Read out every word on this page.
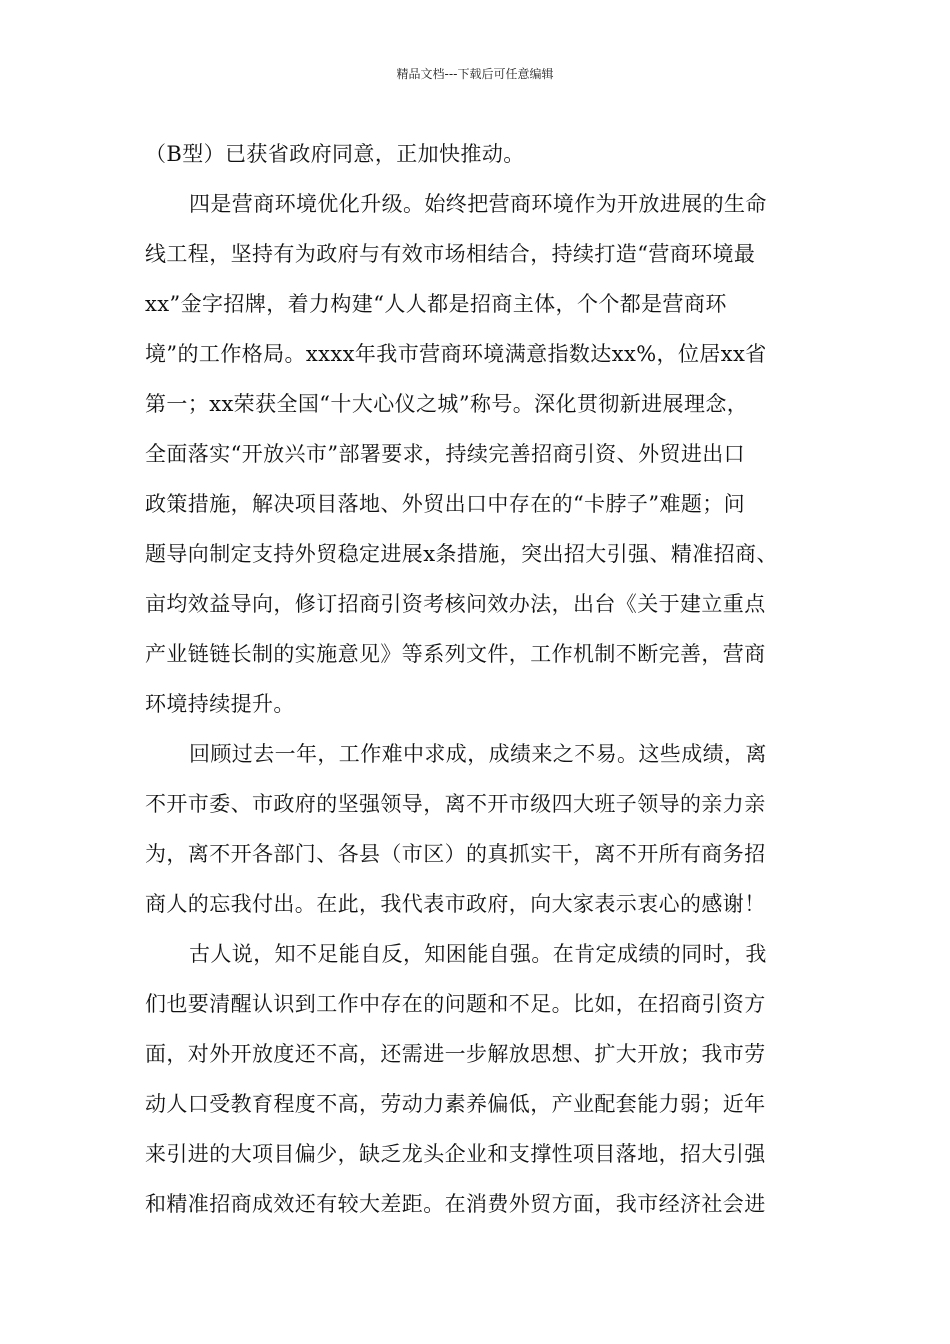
精品文档---下载后可任意编辑
（B型）已获省政府同意，正加快推动。
四是营商环境优化升级。始终把营商环境作为开放进展的生命
线工程，坚持有为政府与有效市场相结合，持续打造“营商环境最
xx”金字招牌，着力构建“人人都是招商主体，个个都是营商环
境”的工作格局。xxxx年我市营商环境满意指数达xx%，位居xx省
第一；xx荣获全国“十大心仪之城”称号。深化贯彻新进展理念，
全面落实“开放兴市”部署要求，持续完善招商引资、外贸进出口
政策措施，解决项目落地、外贸出口中存在的“卡脖子”难题；问
题导向制定支持外贸稳定进展x条措施，突出招大引强、精准招商、
亩均效益导向，修订招商引资考核问效办法，出台《关于建立重点
产业链链长制的实施意见》等系列文件，工作机制不断完善，营商
环境持续提升。
回顾过去一年，工作难中求成，成绩来之不易。这些成绩，离
不开市委、市政府的坚强领导，离不开市级四大班子领导的亲力亲
为，离不开各部门、各县（市区）的真抓实干，离不开所有商务招
商人的忘我付出。在此，我代表市政府，向大家表示衷心的感谢！
古人说，知不足能自反，知困能自强。在肯定成绩的同时，我
们也要清醒认识到工作中存在的问题和不足。比如，在招商引资方
面，对外开放度还不高，还需进一步解放思想、扩大开放；我市劳
动人口受教育程度不高，劳动力素养偏低，产业配套能力弱；近年
来引进的大项目偏少，缺乏龙头企业和支撑性项目落地，招大引强
和精准招商成效还有较大差距。在消费外贸方面，我市经济社会进
